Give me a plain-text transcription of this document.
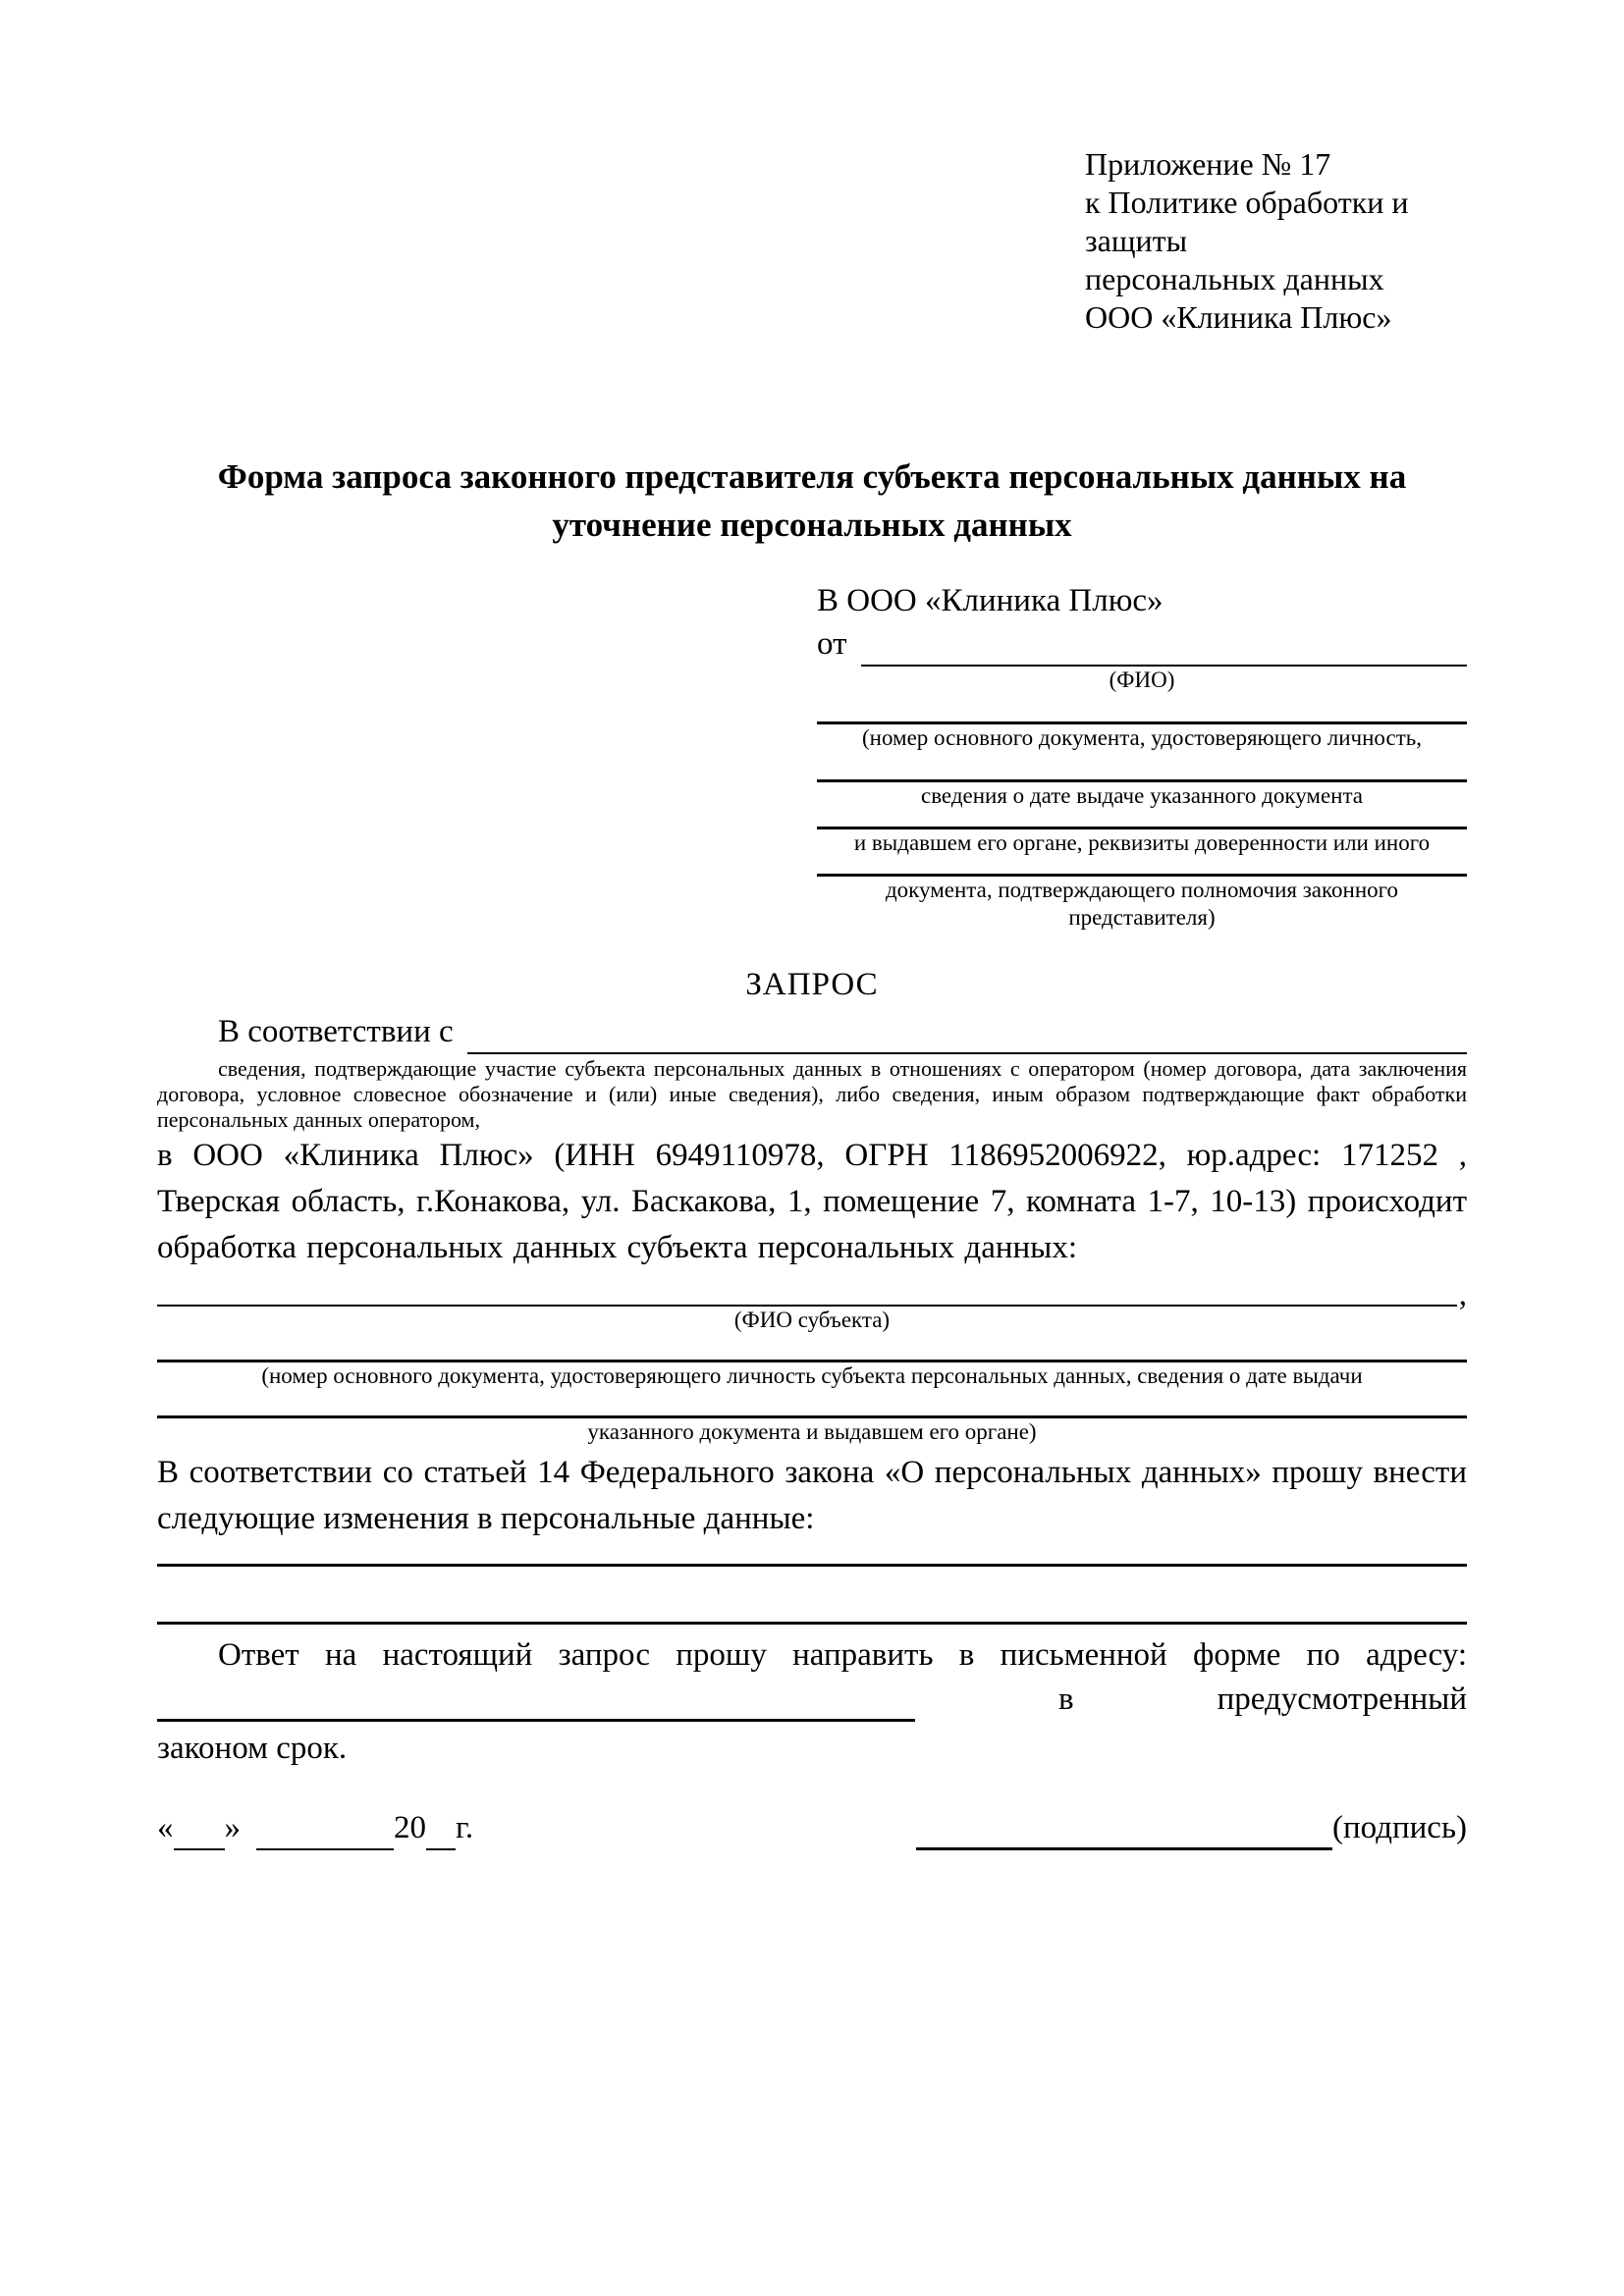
Приложение № 17
к Политике обработки и защиты
персональных данных
ООО «Клиника Плюс»
Форма запроса законного представителя субъекта персональных данных на уточнение персональных данных
В ООО «Клиника Плюс»
от
(ФИО)
(номер основного документа, удостоверяющего личность,
сведения о дате выдаче указанного документа
и выдавшем его органе, реквизиты доверенности или иного
документа, подтверждающего полномочия законного представителя)
ЗАПРОС
В соответствии с
сведения, подтверждающие участие субъекта персональных данных в отношениях с оператором (номер договора, дата заключения договора, условное словесное обозначение и (или) иные сведения), либо сведения, иным образом подтверждающие факт обработки персональных данных оператором,
в ООО «Клиника Плюс» (ИНН 6949110978, ОГРН 1186952006922, юр.адрес: 171252 , Тверская область, г.Конакова, ул. Баскакова, 1, помещение 7, комната 1-7, 10-13) происходит обработка персональных данных субъекта персональных данных:
,
(ФИО субъекта)
(номер основного документа, удостоверяющего личность субъекта персональных данных, сведения о дате выдачи
указанного документа и выдавшем его органе)
В соответствии со статьей 14 Федерального закона «О персональных данных» прошу внести следующие изменения в персональные данные:
Ответ на настоящий запрос прошу направить в письменной форме по адресу:
в	предусмотренный
законом срок.
« »	20 г.	(подпись)
